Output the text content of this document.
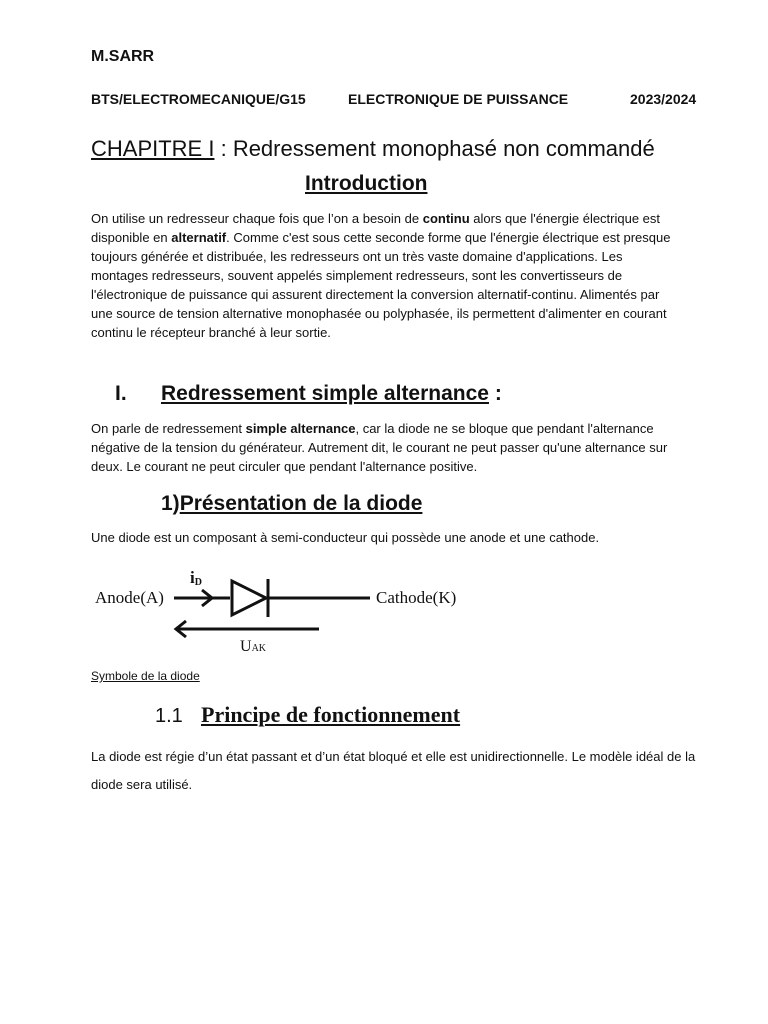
M.SARR
BTS/ELECTROMECANIQUE/G15	ELECTRONIQUE DE PUISSANCE	2023/2024
CHAPITRE I : Redressement monophasé non commandé
Introduction
On utilise un redresseur chaque fois que l’on a besoin de continu alors que l'énergie électrique est disponible en alternatif. Comme c'est sous cette seconde forme que l'énergie électrique est presque toujours générée et distribuée, les redresseurs ont un très vaste domaine d'applications. Les montages redresseurs, souvent appelés simplement redresseurs, sont les convertisseurs de l'électronique de puissance qui assurent directement la conversion alternatif-continu. Alimentés par une source de tension alternative monophasée ou polyphasée, ils permettent d'alimenter en courant continu le récepteur branché à leur sortie.
I. Redressement simple alternance :
On parle de redressement simple alternance, car la diode ne se bloque que pendant l'alternance négative de la tension du générateur. Autrement dit, le courant ne peut passer qu'une alternance sur deux. Le courant ne peut circuler que pendant l'alternance positive.
1)Présentation de la diode
Une diode est un composant à semi-conducteur qui possède une anode et une cathode.
Anode(A)
iD
Cathode(K)
UAK
Symbole de la diode
1.1 Principe de fonctionnement
La diode est régie d’un état passant et d’un état bloqué et elle est unidirectionnelle. Le modèle idéal de la diode sera utilisé.
